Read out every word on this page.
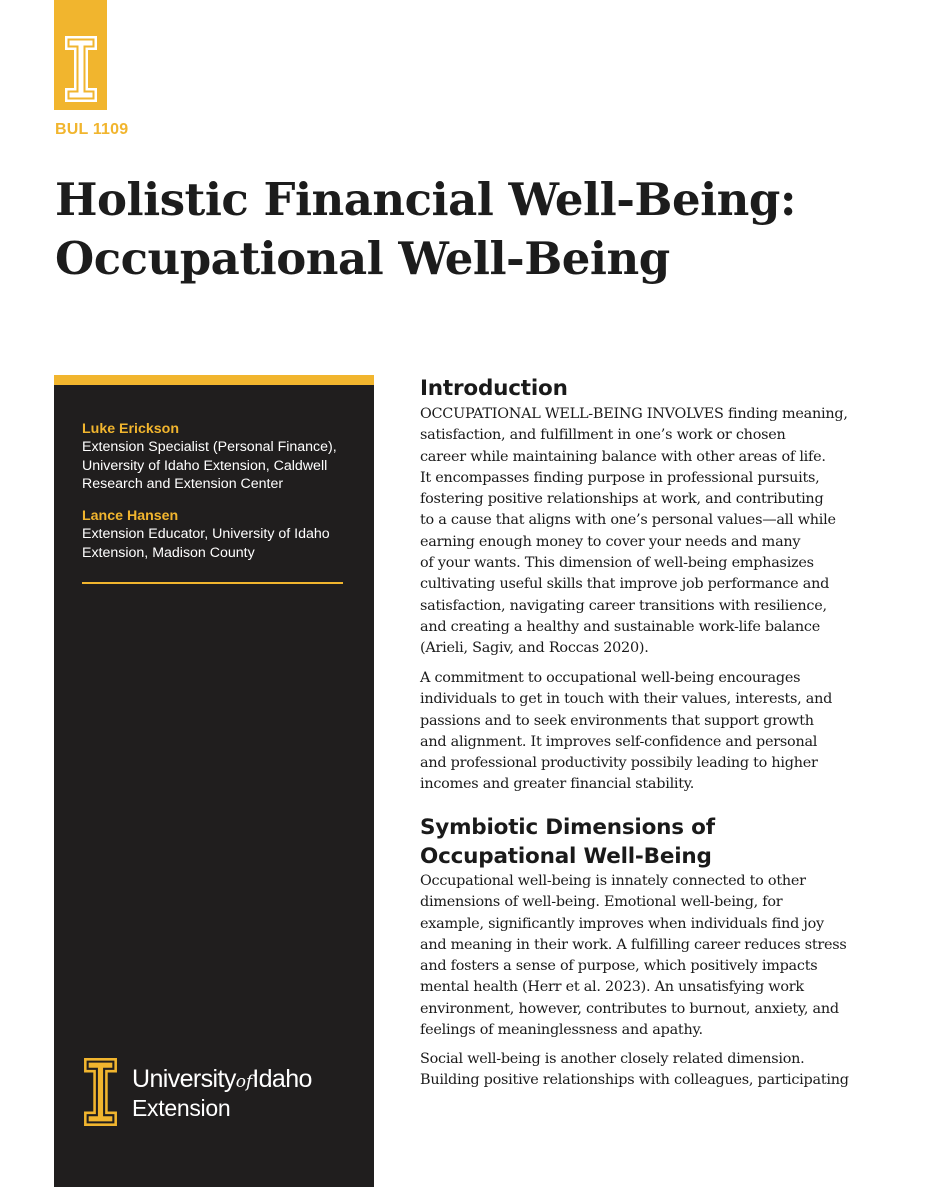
BUL 1109
Holistic Financial Well-Being:
Occupational Well-Being
Luke Erickson
Extension Specialist (Personal Finance),
University of Idaho Extension, Caldwell
Research and Extension Center
Lance Hansen
Extension Educator, University of Idaho
Extension, Madison County
UniversityofIdaho
Extension
Introduction

OCCUPATIONAL WELL-BEING INVOLVES finding meaning,
satisfaction, and fulfillment in one’s work or chosen
career while maintaining balance with other areas of life.
It encompasses finding purpose in professional pursuits,
fostering positive relationships at work, and contributing
to a cause that aligns with one’s personal values—all while
earning enough money to cover your needs and many
of your wants. This dimension of well-being emphasizes
cultivating useful skills that improve job performance and
satisfaction, navigating career transitions with resilience,
and creating a healthy and sustainable work-life balance
(Arieli, Sagiv, and Roccas 2020).

A commitment to occupational well-being encourages
individuals to get in touch with their values, interests, and
passions and to seek environments that support growth
and alignment. It improves self-confidence and personal
and professional productivity possibily leading to higher
incomes and greater financial stability.

Symbiotic Dimensions of
Occupational Well-Being

Occupational well-being is innately connected to other
dimensions of well-being. Emotional well-being, for
example, significantly improves when individuals find joy
and meaning in their work. A fulfilling career reduces stress
and fosters a sense of purpose, which positively impacts
mental health (Herr et al. 2023). An unsatisfying work
environment, however, contributes to burnout, anxiety, and
feelings of meaninglessness and apathy.

Social well-being is another closely related dimension.
Building positive relationships with colleagues, participating
